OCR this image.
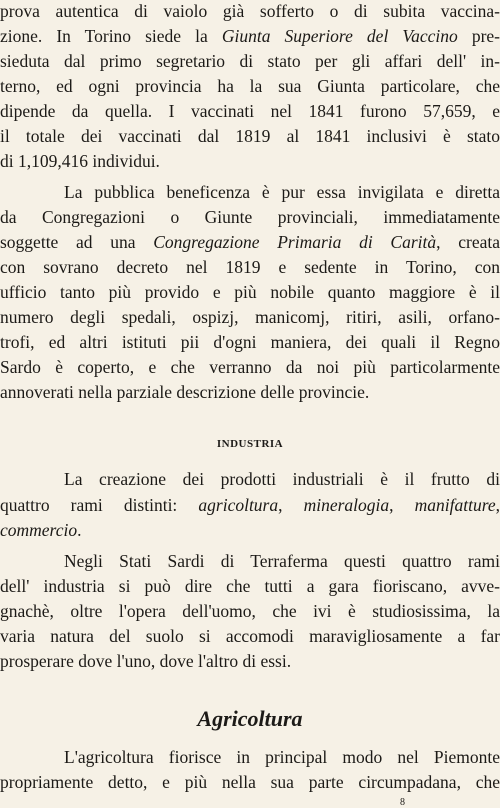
prova autentica di vaiolo già sofferto o di subita vaccina-
zione. In Torino siede la Giunta Superiore del Vaccino pre-
sieduta dal primo segretario di stato per gli affari dell' in-
terno, ed ogni provincia ha la sua Giunta particolare, che
dipende da quella. I vaccinati nel 1841 furono 57,659, e
il totale dei vaccinati dal 1819 al 1841 inclusivi è stato
di 1,109,416 individui.
La pubblica beneficenza è pur essa invigilata e diretta
da Congregazioni o Giunte provinciali, immediatamente
soggette ad una Congregazione Primaria di Carità, creata
con sovrano decreto nel 1819 e sedente in Torino, con
ufficio tanto più provido e più nobile quanto maggiore è il
numero degli spedali, ospizj, manicomj, ritiri, asili, orfano-
trofi, ed altri istituti pii d'ogni maniera, dei quali il Regno
Sardo è coperto, e che verranno da noi più particolarmente
annoverati nella parziale descrizione delle provincie.
INDUSTRIA
La creazione dei prodotti industriali è il frutto di
quattro rami distinti: agricoltura, mineralogia, manifatture,
commercio.
Negli Stati Sardi di Terraferma questi quattro rami
dell' industria si può dire che tutti a gara fioriscano, avve-
gnachè, oltre l'opera dell'uomo, che ivi è studiosissima, la
varia natura del suolo si accomodi maravigliosamente a far
prosperare dove l'uno, dove l'altro di essi.
Agricoltura
L'agricoltura fiorisce in principal modo nel Piemonte
propriamente detto, e più nella sua parte circumpadana, che
8
